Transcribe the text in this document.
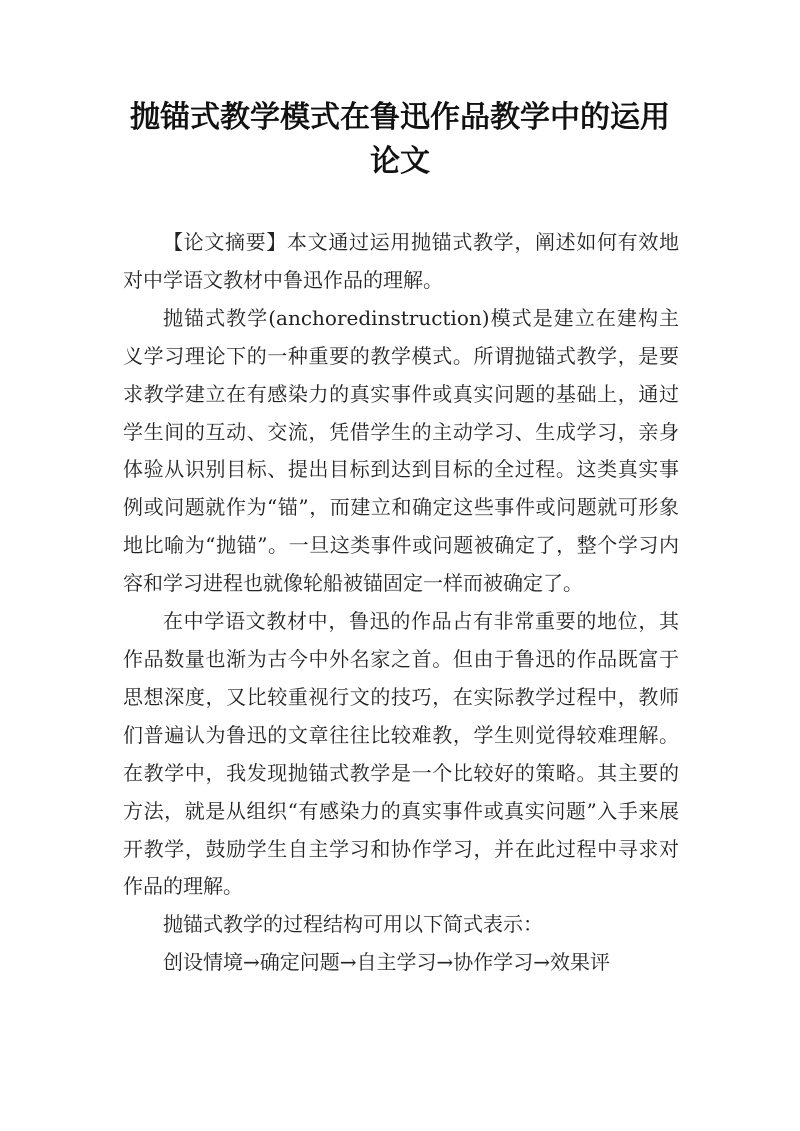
抛锚式教学模式在鲁迅作品教学中的运用
论文

【论文摘要】本文通过运用抛锚式教学，阐述如何有效地对中学语文教材中鲁迅作品的理解。

抛锚式教学(anchoredinstruction)模式是建立在建构主义学习理论下的一种重要的教学模式。所谓抛锚式教学，是要求教学建立在有感染力的真实事件或真实问题的基础上，通过学生间的互动、交流，凭借学生的主动学习、生成学习，亲身体验从识别目标、提出目标到达到目标的全过程。这类真实事例或问题就作为“锚”，而建立和确定这些事件或问题就可形象地比喻为“抛锚”。一旦这类事件或问题被确定了，整个学习内容和学习进程也就像轮船被锚固定一样而被确定了。

在中学语文教材中，鲁迅的作品占有非常重要的地位，其作品数量也渐为古今中外名家之首。但由于鲁迅的作品既富于思想深度，又比较重视行文的技巧，在实际教学过程中，教师们普遍认为鲁迅的文章往往比较难教，学生则觉得较难理解。在教学中，我发现抛锚式教学是一个比较好的策略。其主要的方法，就是从组织“有感染力的真实事件或真实问题”入手来展开教学，鼓励学生自主学习和协作学习，并在此过程中寻求对作品的理解。

抛锚式教学的过程结构可用以下简式表示：

创设情境→确定问题→自主学习→协作学习→效果评
